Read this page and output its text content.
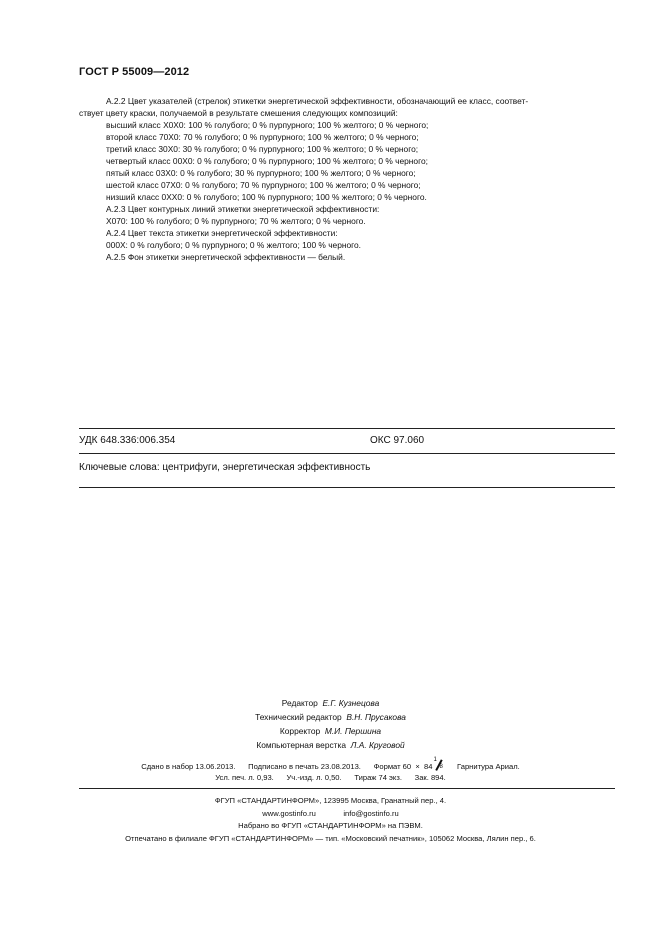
ГОСТ Р 55009—2012
А.2.2 Цвет указателей (стрелок) этикетки энергетической эффективности, обозначающий ее класс, соответ-
ствует цвету краски, получаемой в результате смешения следующих композиций:
высший класс Х0Х0: 100 % голубого; 0 % пурпурного; 100 % желтого; 0 % черного;
второй класс 70Х0: 70 % голубого; 0 % пурпурного; 100 % желтого; 0 % черного;
третий класс 30Х0: 30 % голубого; 0 % пурпурного; 100 % желтого; 0 % черного;
четвертый класс 00Х0: 0 % голубого; 0 % пурпурного; 100 % желтого; 0 % черного;
пятый класс 03Х0: 0 % голубого; 30 % пурпурного; 100 % желтого; 0 % черного;
шестой класс 07Х0: 0 % голубого; 70 % пурпурного; 100 % желтого; 0 % черного;
низший класс 0ХХ0: 0 % голубого; 100 % пурпурного; 100 % желтого; 0 % черного.
А.2.3 Цвет контурных линий этикетки энергетической эффективности:
Х070: 100 % голубого; 0 % пурпурного; 70 % желтого; 0 % черного.
А.2.4 Цвет текста этикетки энергетической эффективности:
000Х: 0 % голубого; 0 % пурпурного; 0 % желтого; 100 % черного.
А.2.5 Фон этикетки энергетической эффективности — белый.
УДК 648.336:006.354	ОКС 97.060
Ключевые слова: центрифуги, энергетическая эффективность
Редактор Е.Г. Кузнецова
Технический редактор В.Н. Прусакова
Корректор М.И. Першина
Компьютерная верстка Л.А. Круговой
Сдано в набор 13.06.2013. Подписано в печать 23.08.2013. Формат 60 × 84
1
8 Гарнитура Ариал.
Усл. печ. л. 0,93. Уч.-изд. л. 0,50. Тираж 74 экз. Зак. 894.
ФГУП «СТАНДАРТИНФОРМ», 123995 Москва, Гранатный пер., 4.
www.gostinfo.ru	info@gostinfo.ru
Набрано во ФГУП «СТАНДАРТИНФОРМ» на ПЭВМ.
Отпечатано в филиале ФГУП «СТАНДАРТИНФОРМ» — тип. «Московский печатник», 105062 Москва, Лялин пер., 6.
